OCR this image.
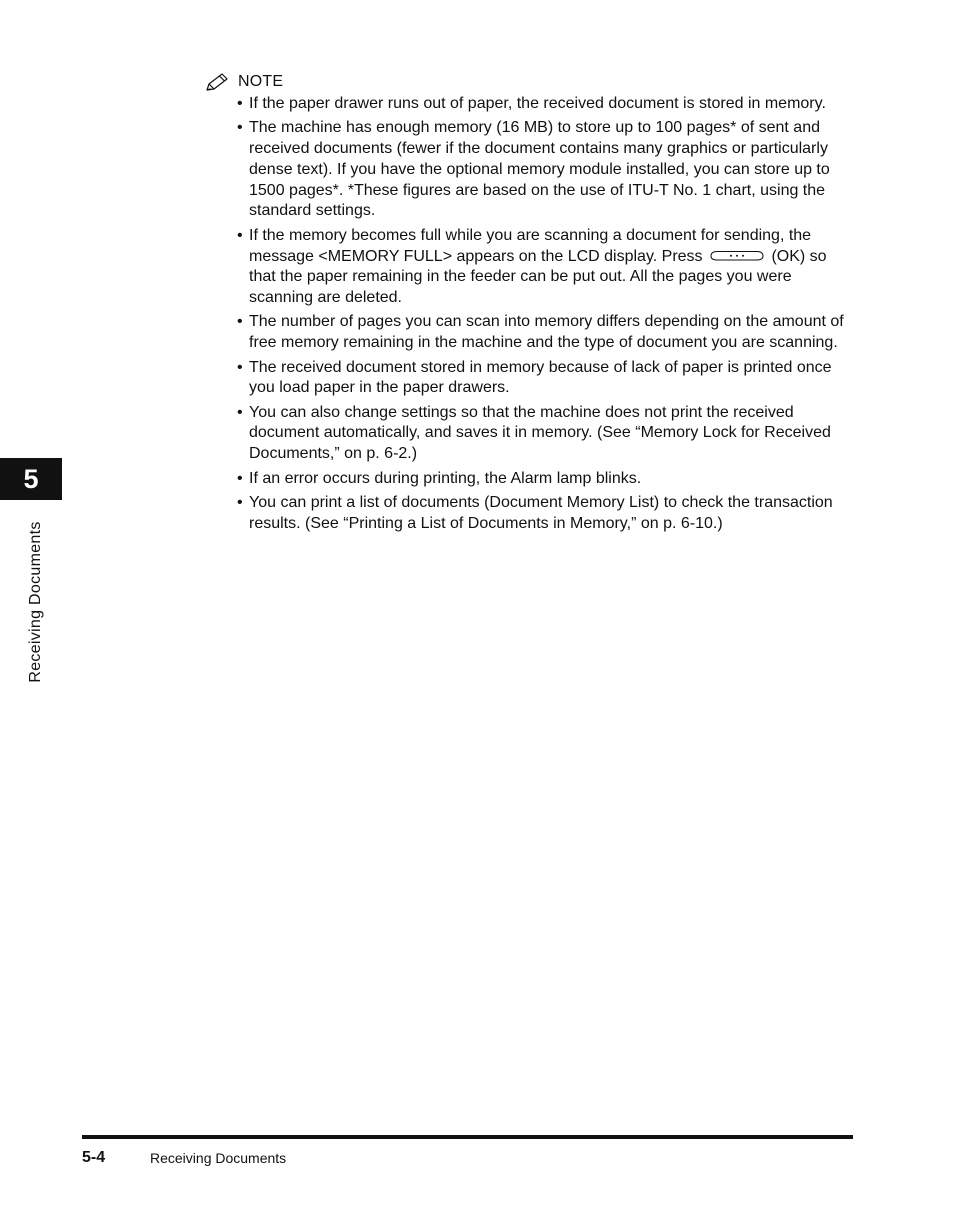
NOTE
• If the paper drawer runs out of paper, the received document is stored in memory.
• The machine has enough memory (16 MB) to store up to 100 pages* of sent and received documents (fewer if the document contains many graphics or particularly dense text). If you have the optional memory module installed, you can store up to 1500 pages*. *These figures are based on the use of ITU-T No. 1 chart, using the standard settings.
• If the memory becomes full while you are scanning a document for sending, the message <MEMORY FULL> appears on the LCD display. Press	(OK) so that the paper remaining in the feeder can be put out. All the pages you were scanning are deleted.
• The number of pages you can scan into memory differs depending on the amount of free memory remaining in the machine and the type of document you are scanning.
• The received document stored in memory because of lack of paper is printed once you load paper in the paper drawers.
• You can also change settings so that the machine does not print the received document automatically, and saves it in memory. (See “Memory Lock for Received Documents,” on p. 6-2.)
• If an error occurs during printing, the Alarm lamp blinks.
• You can print a list of documents (Document Memory List) to check the transaction results. (See “Printing a List of Documents in Memory,” on p. 6-10.)
5
Receiving Documents
5-4	Receiving Documents
